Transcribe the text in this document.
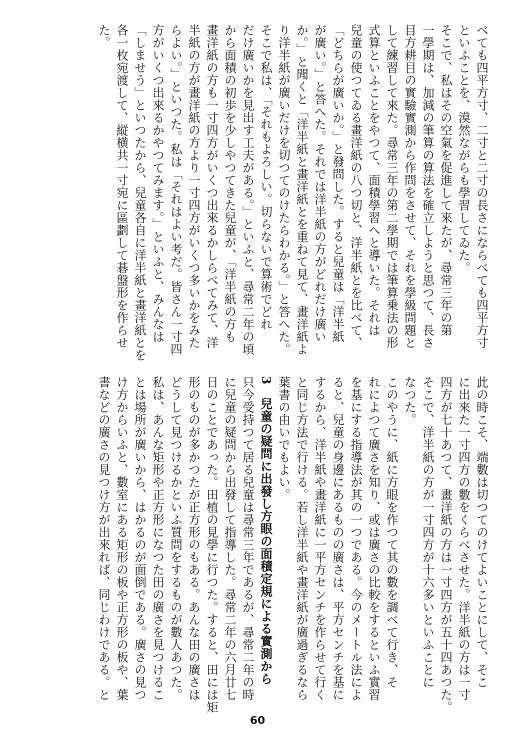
べても四平方寸、二寸と二寸の長さにならべても四平方寸
といふことを、漠然ながらも學習してゐた。
そこで、私はその空氣を促進して來たが、尋常三年の第
一學期は、加減の筆算の算法を確立しようと思つて、長さ
目方耕目の實驗實測から作問をさせて、それを學級問題と
して練習して來た。尋常三年の第二學期では筆算乗法の形
式算といふことをやつて、面積學習へと導いた。それは
兒童の使つてゐる畫洋紙の八つ切と、洋半紙とを比べて、
「どちらが廣いか。」と發問した。すると兒童は「洋半紙
が廣い。」と答へた。それでは洋半紙の方がどれだけ廣い
か。」と聞くと「洋半紙と畫洋紙とを重ねて見て、畫洋紙よ
り洋半紙が廣いだけを切つてのけたらわかる。」と答へた。
そこで私は、「それもよろしい。切らないで算術でどれ
だけ廣いかを見出す工夫がある。」といふと、尋常二年の頃
から面積の初歩を少しやつてきた兒童が、「洋半紙の方も
畫洋紙の方も一寸四方がいくつ出來るかしらべてみて、洋
半紙の方が畫洋紙の方より一寸四方がいくつ多いかをみた
らよい。」といつた。私は「それはよい考だ。皆さん一寸四
方がいくつ出來るかやつてみます。」といふと、みんなは
「しませう」といつたから、兒童各自に洋半紙と畫洋紙とを
各一枚宛渡して、縦横共一寸宛に區劃して碁盤形を作らせ
た。
此の時こそ、端數は切つてのけてよいことにして、そこ
に出來た一寸四方の數をくらべさせた。洋半紙の方は一寸
四方が七十あつて、畫洋紙の方は一寸四方が五十四あつた。
そこで、洋半紙の方が一寸四方が十六多いといふことに
なつた。
このやうに、紙に方眼を作つて其の數を調べて行き、そ
れによつて廣さを知り、或は廣さの比較をするといふ實習
を基にする指導法が其の一つである。今のメートル法によ
ると、兒童の身邊にあるものの廣さは、平方センチを基に
するから、洋半紙や畫洋紙に一平方センチを作らせて行く
と同じ方法で行ける。若し洋半紙や畫洋紙が廣過ぎるなら
葉書の由いでもよい。
3　兒童の疑問に出發し方眼の面積定規による實測から
只今受持つて居る兒童は尋常三年であるが、尋常二年の時
に兒童の疑問から出發して指導した。尋常二年の六月廿七
日のことであった。田植の見學に行つた。すると、田には矩
形のものが多かつたが正方形のもある。あんな田の廣さは
どうして見つけるかといふ質問をするものが數人あつた。
私は、あんな矩形や正方形になつた田の廣さを見つけるこ
とは場所が廣いから、はかるのが面倒である。廣さの見つ
け方からいふと、數室にある矩形の板や正方形の板や、葉
書などの廣さの見つけ方が出來れば、同じわけである。と
60
